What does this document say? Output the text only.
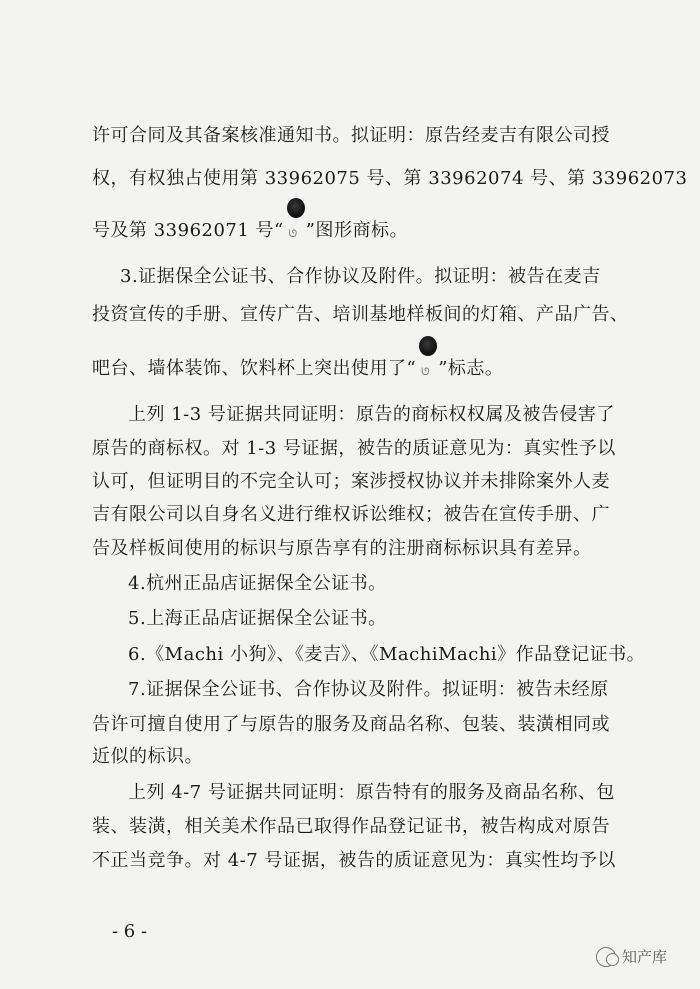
许可合同及其备案核准通知书。拟证明：原告经麦吉有限公司授
权，有权独占使用第 33962075 号、第 33962074 号、第 33962073
号及第 33962071 号“ ᘎ ”图形商标。
3.证据保全公证书、合作协议及附件。拟证明：被告在麦吉
投资宣传的手册、宣传广告、培训基地样板间的灯箱、产品广告、
吧台、墙体装饰、饮料杯上突出使用了“ ᘎ ”标志。
上列 1-3 号证据共同证明：原告的商标权权属及被告侵害了
原告的商标权。对 1-3 号证据，被告的质证意见为：真实性予以
认可，但证明目的不完全认可；案涉授权协议并未排除案外人麦
吉有限公司以自身名义进行维权诉讼维权；被告在宣传手册、广
告及样板间使用的标识与原告享有的注册商标标识具有差异。
4.杭州正品店证据保全公证书。
5.上海正品店证据保全公证书。
6.《Machi 小狗》、《麦吉》、《MachiMachi》作品登记证书。
7.证据保全公证书、合作协议及附件。拟证明：被告未经原
告许可擅自使用了与原告的服务及商品名称、包装、装潢相同或
近似的标识。
上列 4-7 号证据共同证明：原告特有的服务及商品名称、包
装、装潢，相关美术作品已取得作品登记证书，被告构成对原告
不正当竞争。对 4-7 号证据，被告的质证意见为：真实性均予以
- 6 -
知产库
